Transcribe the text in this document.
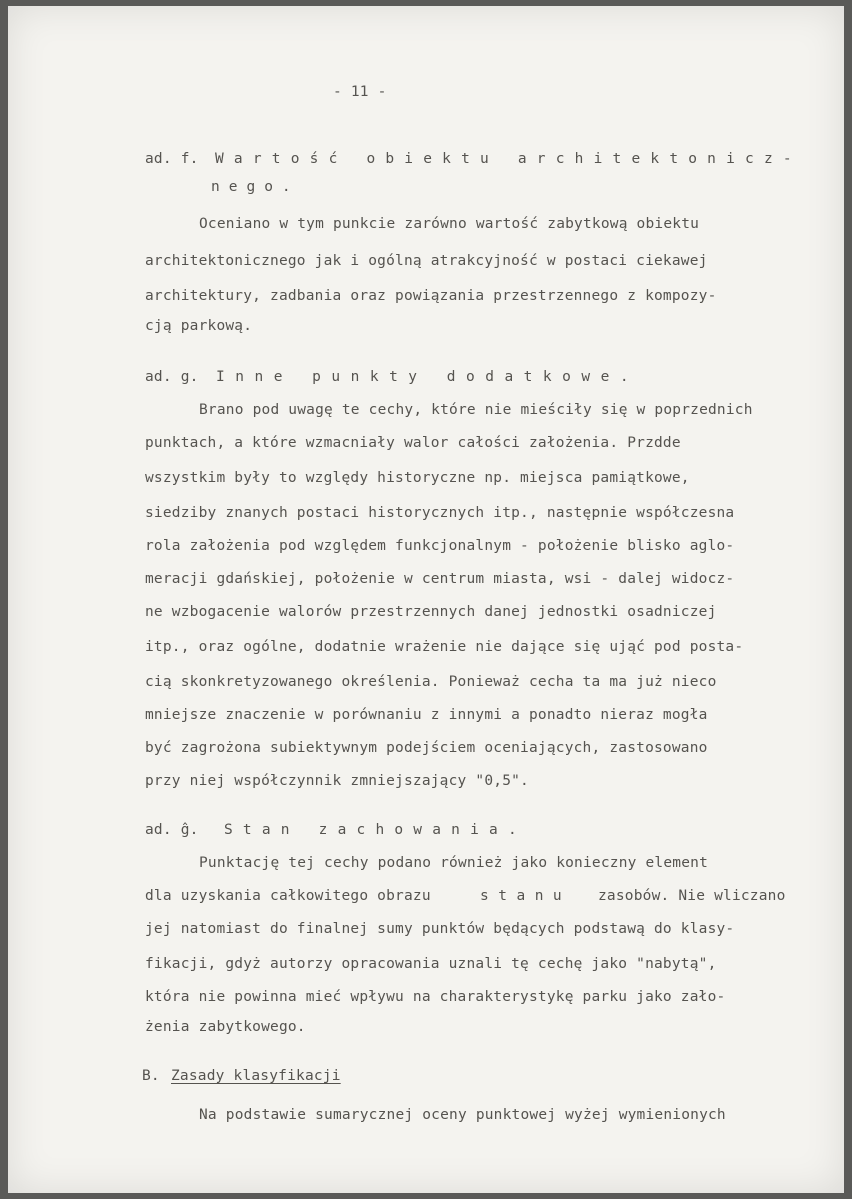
- 11 -
ad. f. Wartość obiektu architektonicz-
nego.
Oceniano w tym punkcie zarówno wartość zabytkową obiektu
architektonicznego jak i ogólną atrakcyjność w postaci ciekawej
architektury, zadbania oraz powiązania przestrzennego z kompozy-
cją parkową.
ad. g. Inne punkty dodatkowe.
Brano pod uwagę te cechy, które nie mieściły się w poprzednich
punktach, a które wzmacniały walor całości założenia. Przdde
wszystkim były to względy historyczne np. miejsca pamiątkowe,
siedziby znanych postaci historycznych itp., następnie współczesna
rola założenia pod względem funkcjonalnym - położenie blisko aglo-
meracji gdańskiej, położenie w centrum miasta, wsi - dalej widocz-
ne wzbogacenie walorów przestrzennych danej jednostki osadniczej
itp., oraz ogólne, dodatnie wrażenie nie dające się ująć pod posta-
cią skonkretyzowanego określenia. Ponieważ cecha ta ma już nieco
mniejsze znaczenie w porównaniu z innymi a ponadto nieraz mogła
być zagrożona subiektywnym podejściem oceniających, zastosowano
przy niej współczynnik zmniejszający "0,5".
ad. ĝ. Stan zachowania.
Punktację tej cechy podano również jako konieczny element
dla uzyskania całkowitego obrazu	stanu zasobów. Nie wliczano
jej natomiast do finalnej sumy punktów będących podstawą do klasy-
fikacji, gdyż autorzy opracowania uznali tę cechę jako "nabytą",
która nie powinna mieć wpływu na charakterystykę parku jako zało-
żenia zabytkowego.
B. Zasady klasyfikacji
Na podstawie sumarycznej oceny punktowej wyżej wymienionych
